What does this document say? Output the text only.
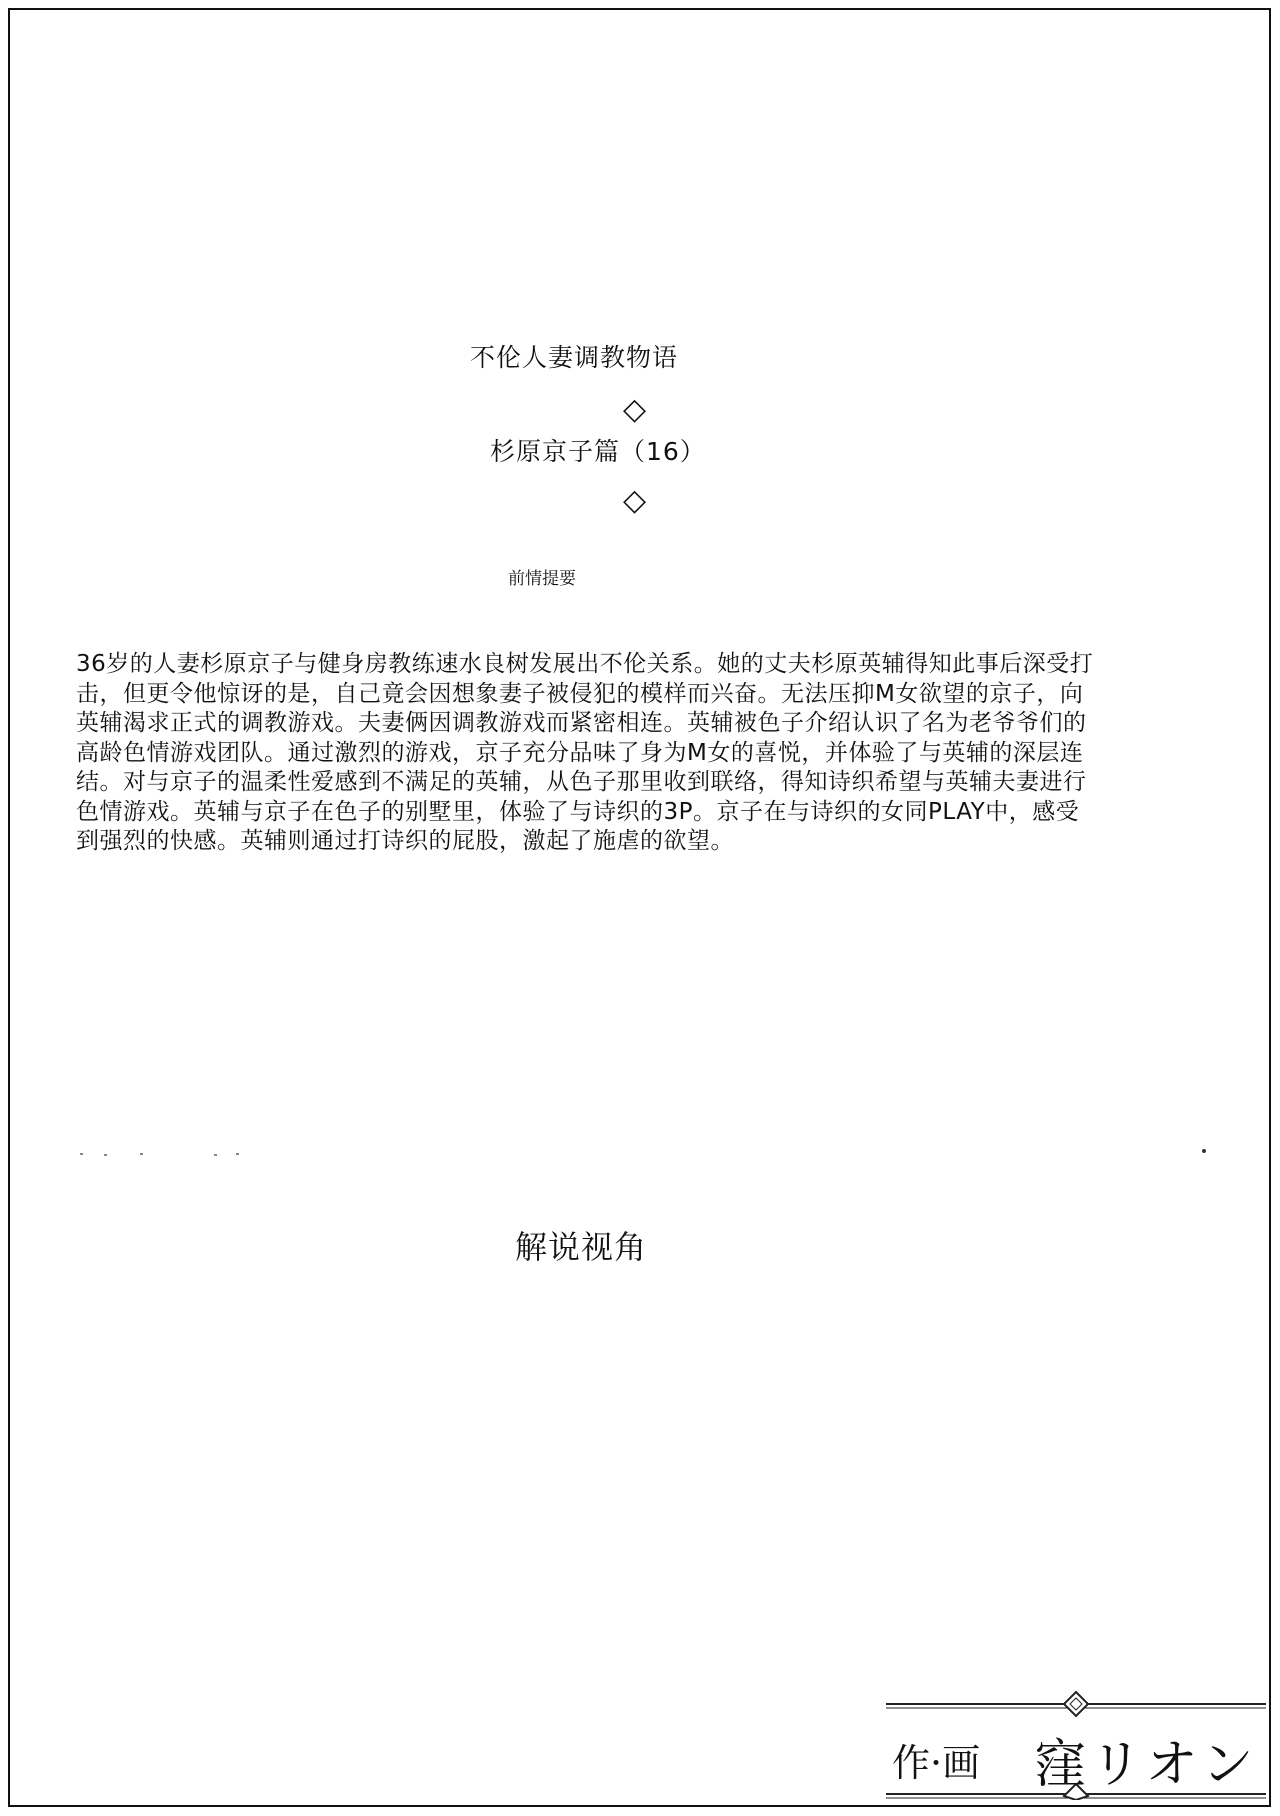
不伦人妻调教物语
◇
杉原京子篇（16）
◇
前情提要
36岁的人妻杉原京子与健身房教练速水良树发展出不伦关系。她的丈夫杉原英辅得知此事后深受打
击，但更令他惊讶的是，自己竟会因想象妻子被侵犯的模样而兴奋。无法压抑M女欲望的京子，向
英辅渴求正式的调教游戏。夫妻俩因调教游戏而紧密相连。英辅被色子介绍认识了名为老爷爷们的
高龄色情游戏团队。通过激烈的游戏，京子充分品味了身为M女的喜悦，并体验了与英辅的深层连
结。对与京子的温柔性爱感到不满足的英辅，从色子那里收到联络，得知诗织希望与英辅夫妻进行
色情游戏。英辅与京子在色子的别墅里，体验了与诗织的3P。京子在与诗织的女同PLAY中，感受
到强烈的快感。英辅则通过打诗织的屁股，激起了施虐的欲望。
解说视角
作·画 窪リオン
